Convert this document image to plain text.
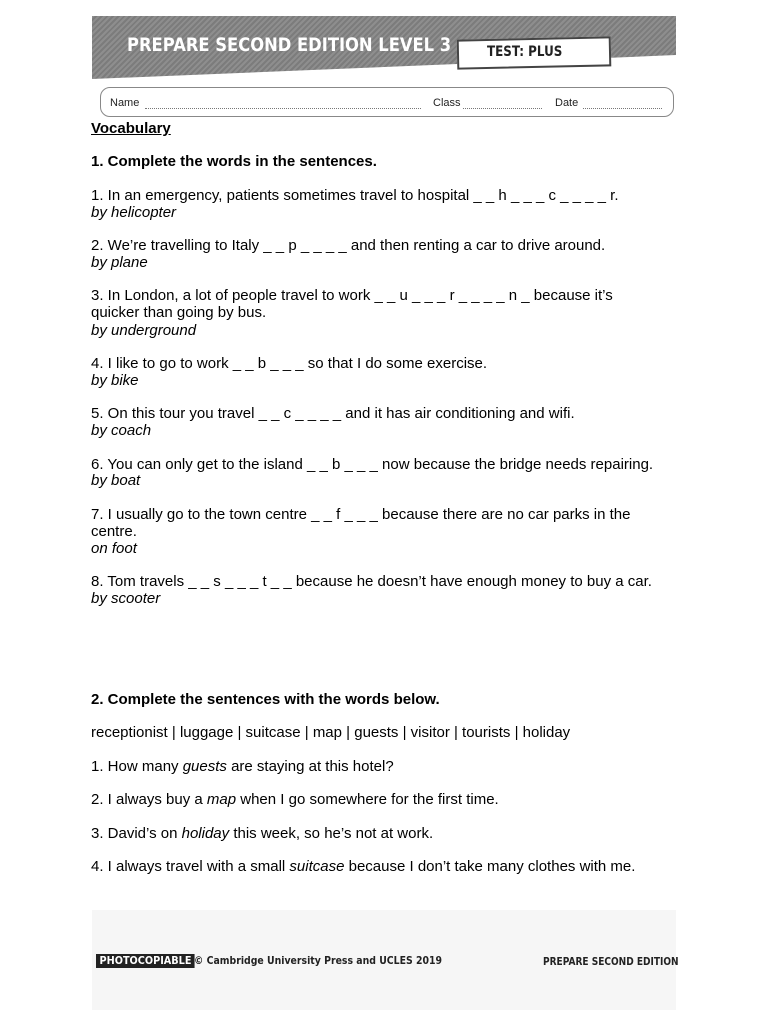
PREPARE SECOND EDITION LEVEL 3	TEST: PLUS
Name	Class	Date
Vocabulary
1. Complete the words in the sentences.
1. In an emergency, patients sometimes travel to hospital _ _ h _ _ _ c _ _ _ _ r.
by helicopter
2. We’re travelling to Italy _ _ p _ _ _ _ and then renting a car to drive around.
by plane
3. In London, a lot of people travel to work _ _ u _ _ _ r _ _ _ _ n _ because it’s quicker than going by bus.
by underground
4. I like to go to work _ _ b _ _ _ so that I do some exercise.
by bike
5. On this tour you travel _ _ c _ _ _ _ and it has air conditioning and wifi.
by coach
6. You can only get to the island _ _ b _ _ _ now because the bridge needs repairing.
by boat
7. I usually go to the town centre _ _ f _ _ _ because there are no car parks in the centre.
on foot
8. Tom travels _ _ s _ _ _ t _ _ because he doesn’t have enough money to buy a car.
by scooter
2. Complete the sentences with the words below.
receptionist | luggage | suitcase | map | guests | visitor | tourists | holiday
1. How many guests are staying at this hotel?
2. I always buy a map when I go somewhere for the first time.
3. David’s on holiday this week, so he’s not at work.
4. I always travel with a small suitcase because I don’t take many clothes with me.
PHOTOCOPIABLE © Cambridge University Press and UCLES 2019	PREPARE SECOND EDITION
